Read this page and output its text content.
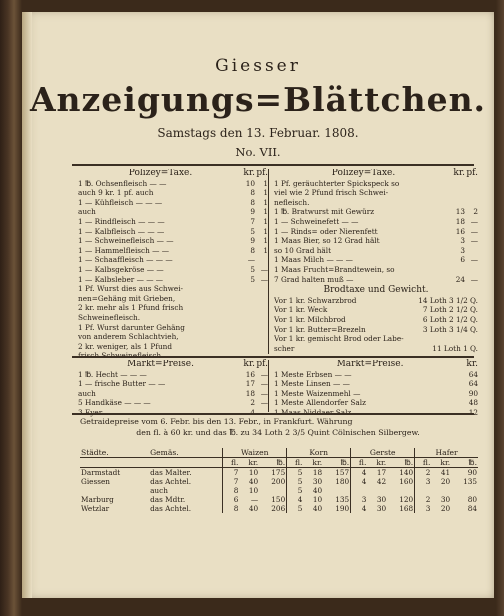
Giesser
Anzeigungs=Blättchen.
Samstags den 13. Februar. 1808.
No. VII.
Polizey=Taxe.	kr. pf.
1 ℔. Ochsenfleisch — —	10	1
auch 9 kr. 1 pf. auch	8	1
1 — Kühfleisch — — —	8	1
auch	9	1
1 — Rindfleisch — — —	7	1
1 — Kalbfleisch — — —	5	1
1 — Schweinefleisch — —	9	1
1 — Hammelfleisch — —	8	1
1 — Schaaffleisch — — —	—
1 — Kalbsgekröse — —	5 —
1 — Kalbsleber — — —	5 —
1 Pf. Wurst dies aus Schwei-
nen=Gehäng mit Grieben,
2 kr. mehr als 1 Pfund frisch
Schweinefleisch.
1 Pf. Wurst darunter Gehäng
von anderem Schlachtvieh,
2 kr. weniger, als 1 Pfund
frisch Schweinefleisch.
Polizey=Taxe.	kr. pf.
1 Pf. geräuchterter Spickspeck so
viel wie 2 Pfund frisch Schwei-
nefleisch.
1 ℔. Bratwurst mit Gewürz	13	2
1 — Schweinefett — —	18 —
1 — Rinds= oder Nierenfett	16 —
1 Maas Bier, so 12 Grad hält	3 —
so 10 Grad hält	3
1 Maas Milch — — —	6 —
1 Maas Frucht=Brandtewein, so
7 Grad halten muß —	24 —
Brodtaxe und Gewicht.
Vor 1 kr. Schwarzbrod	14 Loth 3 1/2 Q.
Vor 1 kr. Weck	7 Loth 2 1/2 Q.
Vor 1 kr. Milchbrod	6 Loth 2 1/2 Q.
Vor 1 kr. Butter=Brezeln	3 Loth 3 1/4 Q.
Vor 1 kr. gemischt Brod oder Labe-
scher	11 Loth 1 Q.
Markt=Preise.	kr. pf.
1 ℔. Hecht — — —	16 —
1 — frische Butter — —	17 —
auch	18 —
5 Handkäse — — —	2 —
3 Eyer — — — —	4 —
Markt=Preise.	kr.
1 Meste Erbsen — —	64
1 Meste Linsen — —	64
1 Meste Waizenmehl —	90
1 Meste Allendorfer Salz	48
1 Maas Niddaer Salz —	12
Getraidepreise vom 6. Febr. bis den 13. Febr., in Frankfurt. Währung
den fl. à 60 kr. und das ℔. zu 34 Loth 2 3/5 Quint Cölnischen Silbergew.
Städte.	Gemäs.	Waizen			Korn			Gerste			Hafer		
		fl.	kr.	℔.	fl.	kr.	℔.	fl.	kr.	℔.	fl.	kr.	℔.
Darmstadt	das Malter.	7	10	175	5	18	157	4	17	140	2	41	90
Giessen	das Achtel.	7	40	200	5	30	180	4	42	160	3	20	135
	auch	8	10		5	40							
Marburg	das Mdtr.	6	—	150	4	10	135	3	30	120	2	30	80
Wetzlar	das Achtel.	8	40	206	5	40	190	4	30	168	3	20	84
